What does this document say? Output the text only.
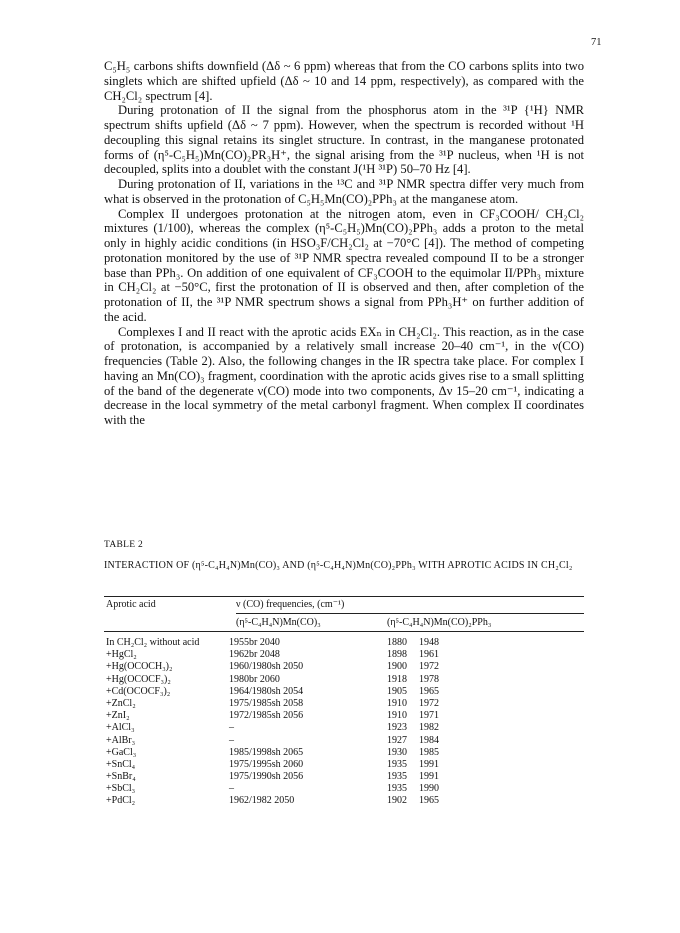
71

C₅H₅ carbons shifts downfield (Δδ ~ 6 ppm) whereas that from the CO carbons splits into two singlets which are shifted upfield (Δδ ~ 10 and 14 ppm, respectively), as compared with the CH₂Cl₂ spectrum [4].

During protonation of II the signal from the phosphorus atom in the ³¹P {¹H} NMR spectrum shifts upfield (Δδ ~ 7 ppm). However, when the spectrum is recorded without ¹H decoupling this signal retains its singlet structure. In contrast, in the manganese protonated forms of (η⁵-C₅H₅)Mn(CO)₂PR₃H⁺, the signal arising from the ³¹P nucleus, when ¹H is not decoupled, splits into a doublet with the constant J(¹H ³¹P) 50–70 Hz [4].

During protonation of II, variations in the ¹³C and ³¹P NMR spectra differ very much from what is observed in the protonation of C₅H₅Mn(CO)₂PPh₃ at the manganese atom.

Complex II undergoes protonation at the nitrogen atom, even in CF₃COOH/ CH₂Cl₂ mixtures (1/100), whereas the complex (η⁵-C₅H₅)Mn(CO)₂PPh₃ adds a proton to the metal only in highly acidic conditions (in HSO₃F/CH₂Cl₂ at −70°C [4]). The method of competing protonation monitored by the use of ³¹P NMR spectra revealed compound II to be a stronger base than PPh₃. On addition of one equivalent of CF₃COOH to the equimolar II/PPh₃ mixture in CH₂Cl₂ at −50°C, first the protonation of II is observed and then, after completion of the protonation of II, the ³¹P NMR spectrum shows a signal from PPh₃H⁺ on further addition of the acid.

Complexes I and II react with the aprotic acids EXₙ in CH₂Cl₂. This reaction, as in the case of protonation, is accompanied by a relatively small increase 20–40 cm⁻¹, in the ν(CO) frequencies (Table 2). Also, the following changes in the IR spectra take place. For complex I having an Mn(CO)₃ fragment, coordination with the aprotic acids gives rise to a small splitting of the band of the degenerate ν(CO) mode into two components, Δν 15–20 cm⁻¹, indicating a decrease in the local symmetry of the metal carbonyl fragment. When complex II coordinates with the

TABLE 2
INTERACTION OF (η⁵-C₄H₄N)Mn(CO)₃ AND (η⁵-C₄H₄N)Mn(CO)₂PPh₃ WITH APROTIC ACIDS IN CH₂Cl₂
Aprotic acid	ν (CO) frequencies, (cm⁻¹)
(η⁵-C₄H₄N)Mn(CO)₃	(η⁵-C₄H₄N)Mn(CO)₂PPh₃
In CH₂Cl₂ without acid	1955br 2040	1880 1948
+HgCl₂	1962br 2048	1898 1961
+Hg(OCOCH₃)₂	1960/1980sh 2050	1900 1972
+Hg(OCOCF₃)₂	1980br 2060	1918 1978
+Cd(OCOCF₃)₂	1964/1980sh 2054	1905 1965
+ZnCl₂	1975/1985sh 2058	1910 1972
+ZnI₂	1972/1985sh 2056	1910 1971
+AlCl₃	–	1923 1982
+AlBr₃	–	1927 1984
+GaCl₃	1985/1998sh 2065	1930 1985
+SnCl₄	1975/1995sh 2060	1935 1991
+SnBr₄	1975/1990sh 2056	1935 1991
+SbCl₃	–	1935 1990
+PdCl₂	1962/1982 2050	1902 1965
